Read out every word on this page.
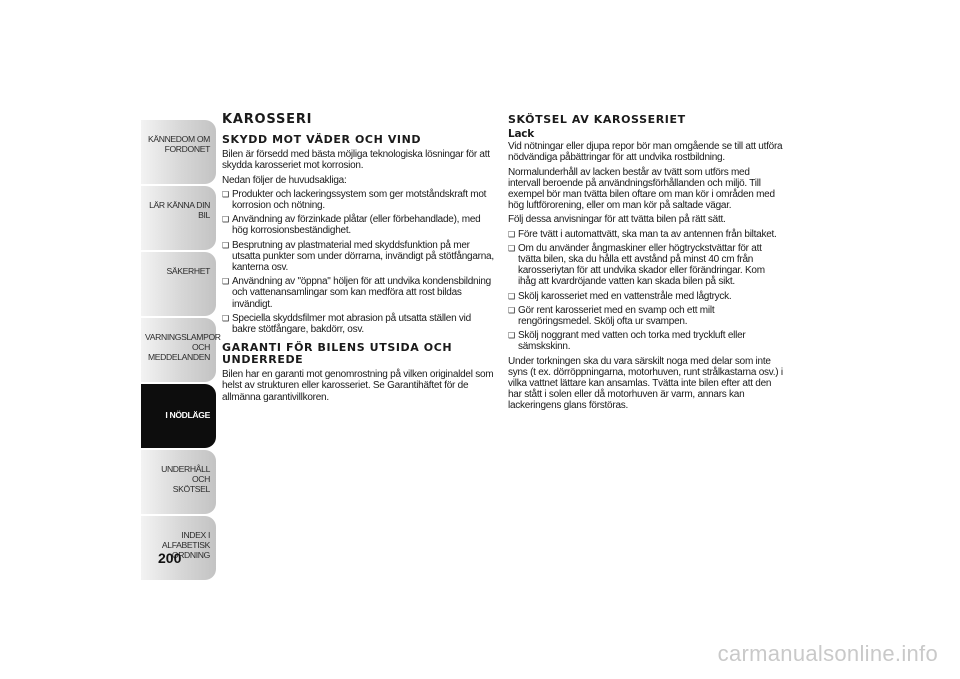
KÄNNEDOM OM
FORDONET
LÄR KÄNNA DIN BIL
SÄKERHET
VARNINGSLAMPOR
OCH MEDDELANDEN
I NÖDLÄGE
UNDERHÅLL OCH
SKÖTSEL
INDEX I ALFABETISK
ORDNING
200
KAROSSERI
SKYDD MOT VÄDER OCH VIND

Bilen är försedd med bästa möjliga teknologiska lösningar för att skydda karosseriet mot korrosion.

Nedan följer de huvudsakliga:

❑ Produkter och lackeringssystem som ger motståndskraft mot korrosion och nötning.
❑ Användning av förzinkade plåtar (eller förbehandlade), med hög korrosionsbeständighet.
❑ Besprutning av plastmaterial med skyddsfunktion på mer utsatta punkter som under dörrarna, invändigt på stötfångarna, kanterna osv.
❑ Användning av "öppna" höljen för att undvika kondensbildning och vattenansamlingar som kan medföra att rost bildas invändigt.
❑ Speciella skyddsfilmer mot abrasion på utsatta ställen vid bakre stötfångare, bakdörr, osv.
GARANTI FÖR BILENS UTSIDA OCH UNDERREDE

Bilen har en garanti mot genomrostning på vilken originaldel som helst av strukturen eller karosseriet. Se Garantihäftet för de allmänna garantivillkoren.

SKÖTSEL AV KAROSSERIET
Lack

Vid nötningar eller djupa repor bör man omgående se till att utföra nödvändiga påbättringar för att undvika rostbildning.

Normalunderhåll av lacken består av tvätt som utförs med intervall beroende på användningsförhållanden och miljö. Till exempel bör man tvätta bilen oftare om man kör i områden med hög luftförorening, eller om man kör på saltade vägar.

Följ dessa anvisningar för att tvätta bilen på rätt sätt.

❑ Före tvätt i automattvätt, ska man ta av antennen från biltaket.
❑ Om du använder ångmaskiner eller högtryckstvättar för att tvätta bilen, ska du hålla ett avstånd på minst 40 cm från karosseriytan för att undvika skador eller förändringar. Kom ihåg att kvardröjande vatten kan skada bilen på sikt.
❑ Skölj karosseriet med en vattenstråle med lågtryck.
❑ Gör rent karosseriet med en svamp och ett milt rengöringsmedel. Skölj ofta ur svampen.
❑ Skölj noggrant med vatten och torka med tryckluft eller sämskskinn.

Under torkningen ska du vara särskilt noga med delar som inte syns (t ex. dörröppningarna, motorhuven, runt strålkastarna osv.) i vilka vattnet lättare kan ansamlas. Tvätta inte bilen efter att den har stått i solen eller då motorhuven är varm, annars kan lackeringens glans förstöras.

carmanualsonline.info
